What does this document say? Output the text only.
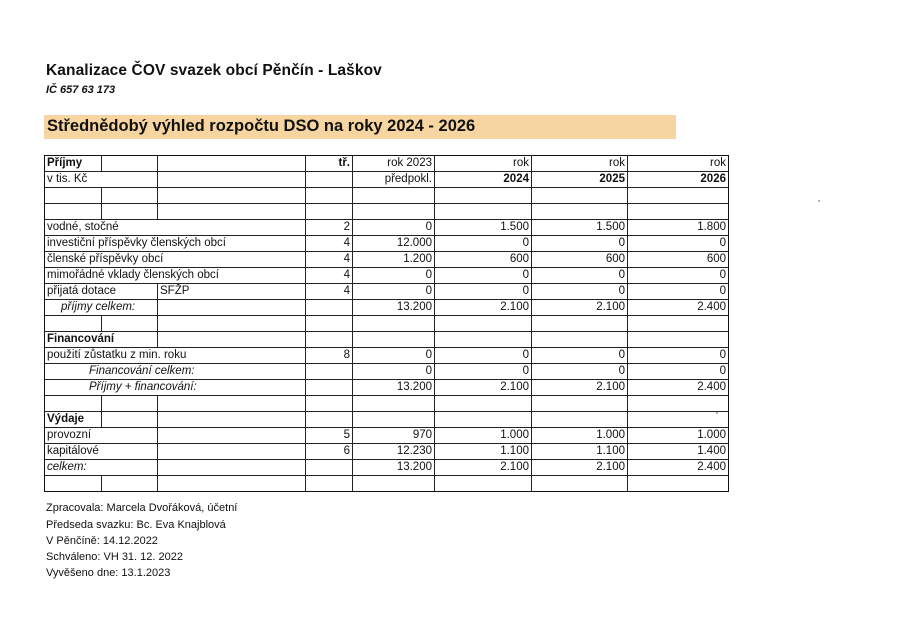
Kanalizace ČOV svazek obcí Pěnčín - Laškov
IČ 657 63 173
Střednědobý výhled rozpočtu DSO na roky 2024 - 2026
Příjmy			tř.	rok 2023	rok	rok	rok
v tis. Kč				předpokl.	2024	2025	2026

vodné, stočné			2	0	1.500	1.500	1.800
investiční příspěvky členských obcí			4	12.000	0	0	0
členské příspěvky obcí			4	1.200	600	600	600
mimořádné vklady členských obcí			4	0	0	0	0
přijatá dotace		SFŽP	4	0	0	0	0
příjmy celkem:				13.200	2.100	2.100	2.400

Financování							
použití zůstatku z min. roku			8	0	0	0	0
Financování celkem:				0	0	0	0
Příjmy + financování:				13.200	2.100	2.100	2.400

Výdaje							
provozní			5	970	1.000	1.000	1.000
kapitálové			6	12.230	1.100	1.100	1.400
celkem:				13.200	2.100	2.100	2.400

Zpracovala: Marcela Dvořáková, účetní
Předseda svazku: Bc. Eva Knajblová
V Pěnčíně: 14.12.2022
Schváleno: VH 31. 12. 2022
Vyvěšeno dne: 13.1.2023
